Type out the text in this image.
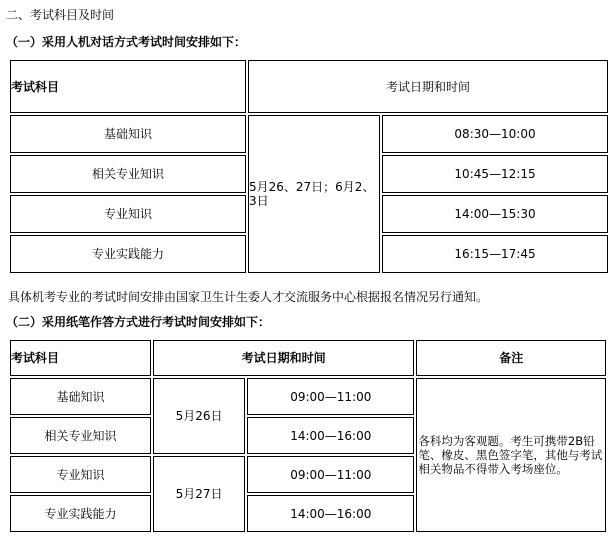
二、考试科目及时间
（一）采用人机对话方式考试时间安排如下：
考试科目	考试日期和时间	
基础知识	5月26、27日；6月2、3日	08:30—10:00
相关专业知识		10:45—12:15
专业知识		14:00—15:30
专业实践能力		16:15—17:45
具体机考专业的考试时间安排由国家卫生计生委人才交流服务中心根据报名情况另行通知。
（二）采用纸笔作答方式进行考试时间安排如下：
考试科目	考试日期和时间		备注
基础知识	5月26日	09:00—11:00	各科均为客观题。考生可携带2B铅笔、橡皮、黑色签字笔，其他与考试相关物品不得带入考场座位。
相关专业知识		14:00—16:00	
专业知识	5月27日	09:00—11:00	
专业实践能力		14:00—16:00	
